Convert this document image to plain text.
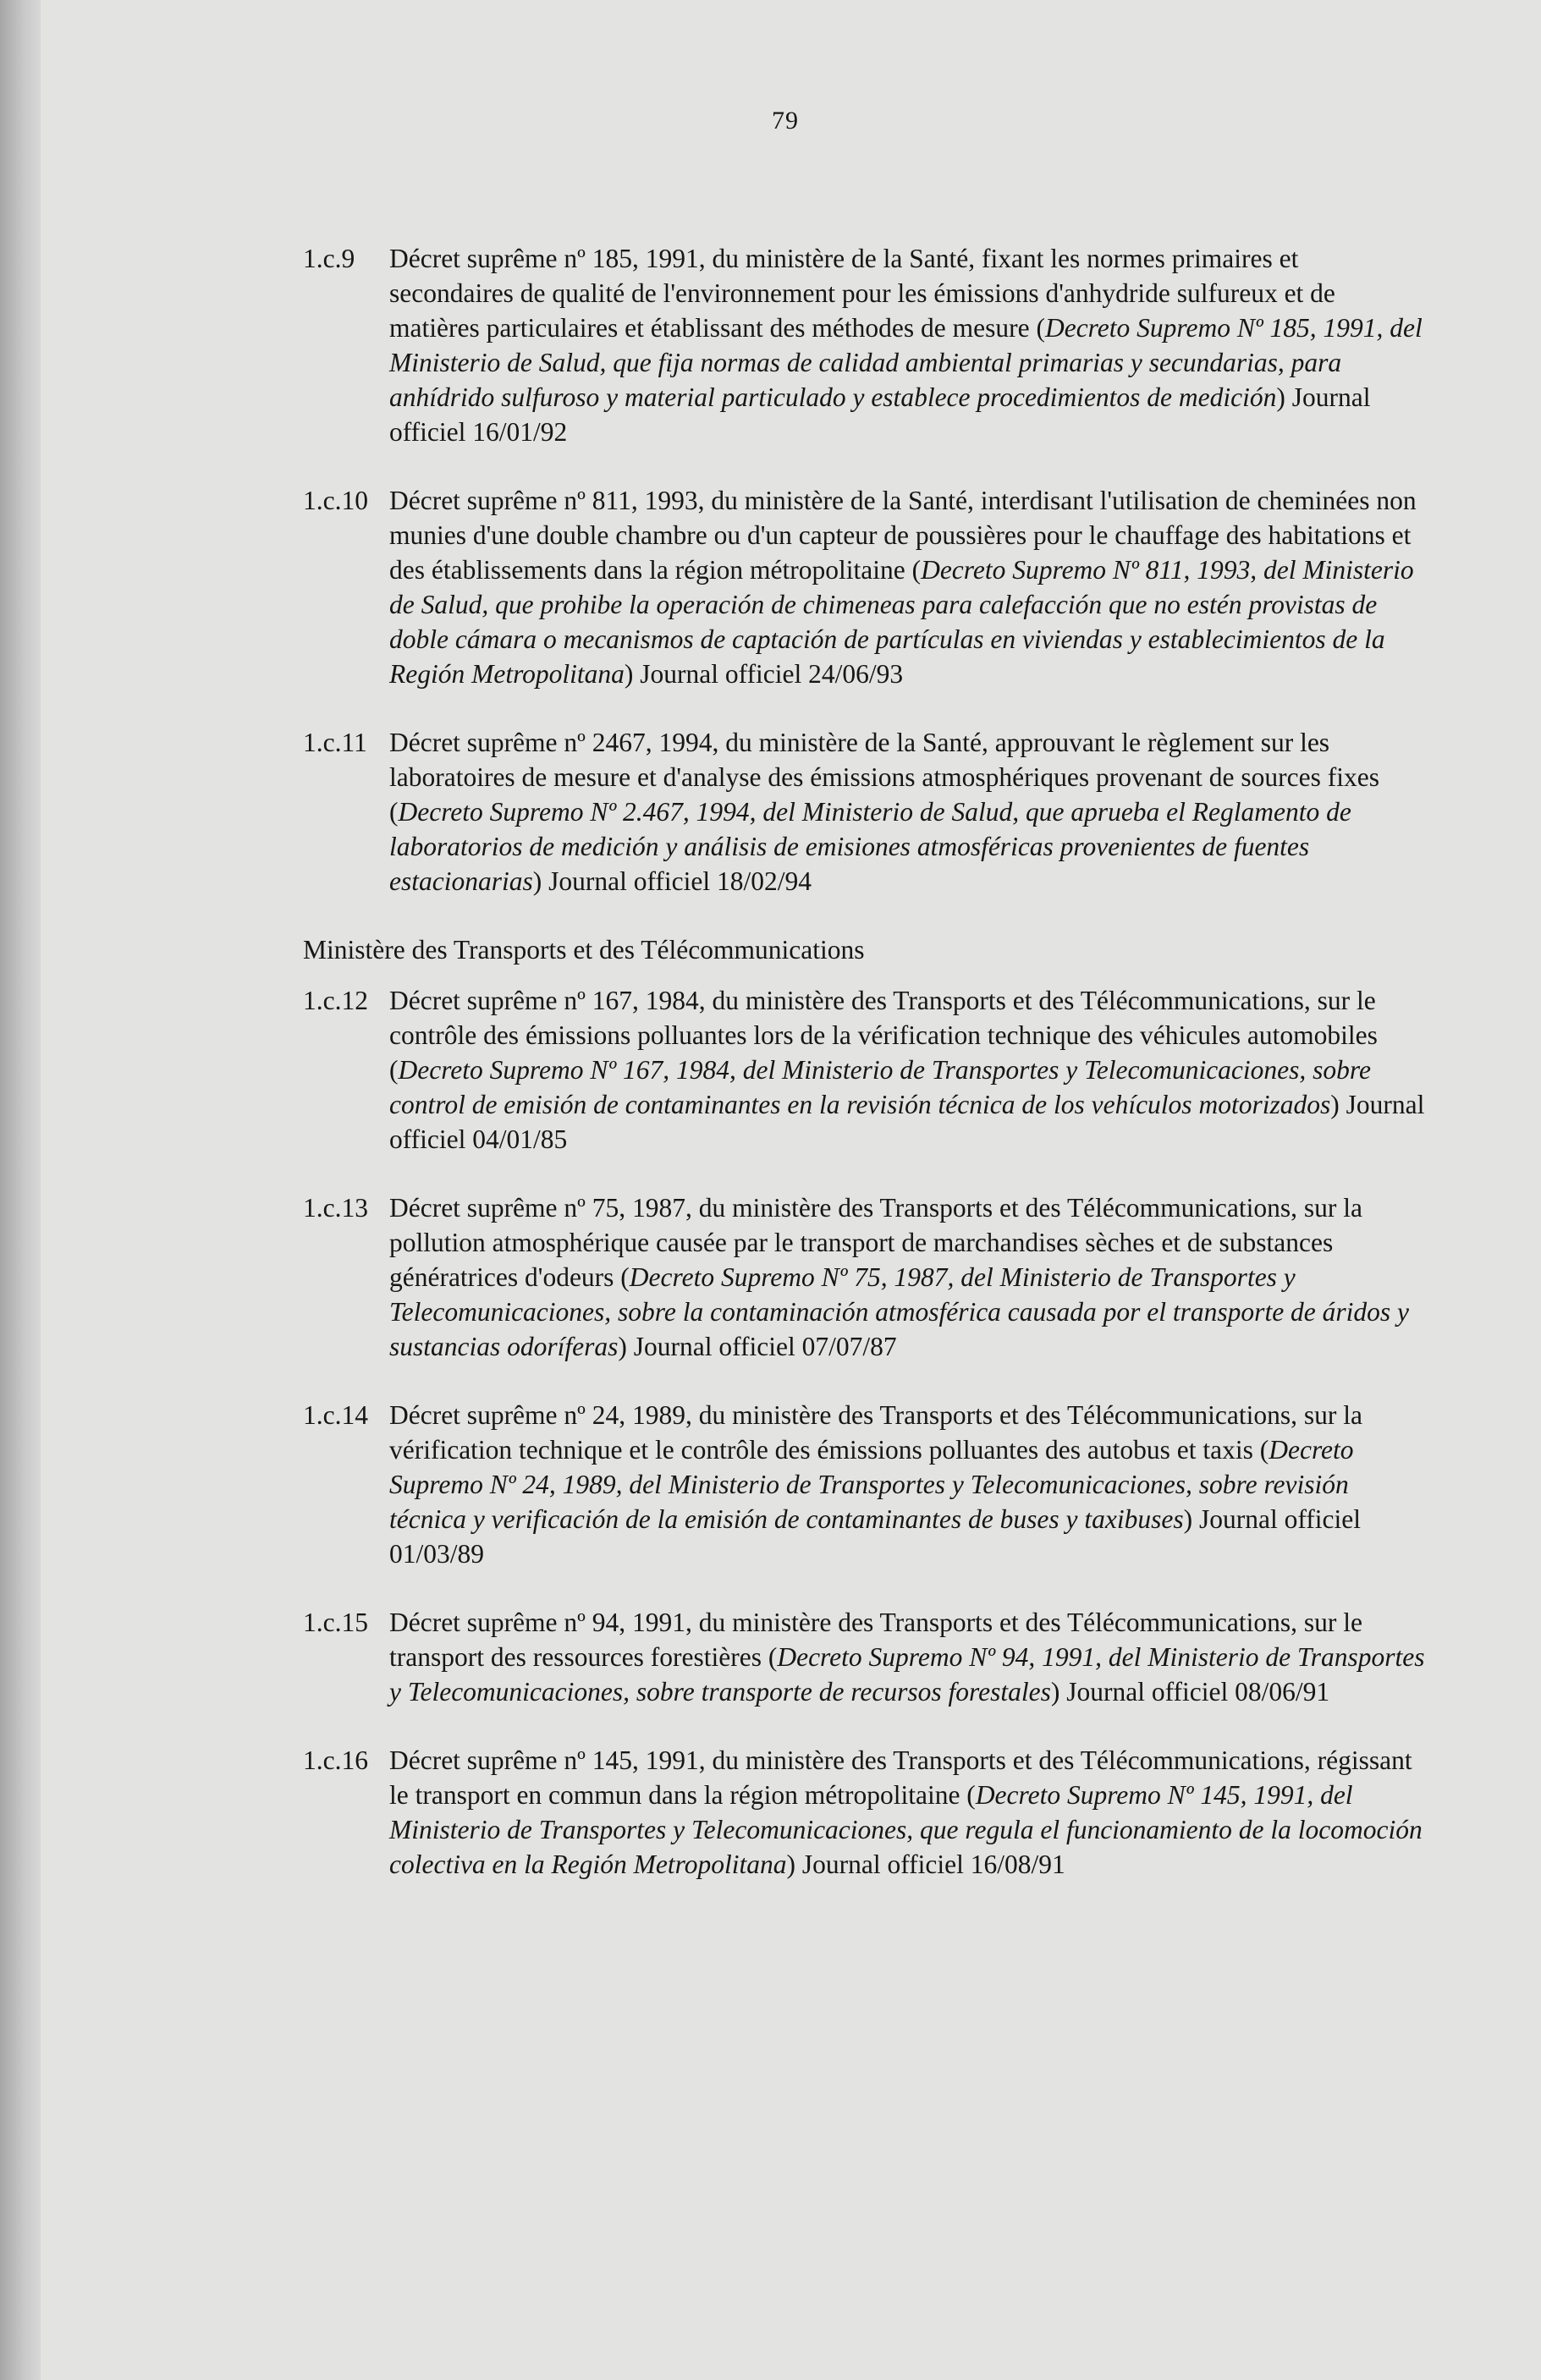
79
1.c.9	Décret suprême nº 185, 1991, du ministère de la Santé, fixant les normes primaires et secondaires de qualité de l'environnement pour les émissions d'anhydride sulfureux et de matières particulaires et établissant des méthodes de mesure (Decreto Supremo Nº 185, 1991, del Ministerio de Salud, que fija normas de calidad ambiental primarias y secundarias, para anhídrido sulfuroso y material particulado y establece procedimientos de medición) Journal officiel 16/01/92
1.c.10 Décret suprême nº 811, 1993, du ministère de la Santé, interdisant l'utilisation de cheminées non munies d'une double chambre ou d'un capteur de poussières pour le chauffage des habitations et des établissements dans la région métropolitaine (Decreto Supremo Nº 811, 1993, del Ministerio de Salud, que prohibe la operación de chimeneas para calefacción que no estén provistas de doble cámara o mecanismos de captación de partículas en viviendas y establecimientos de la Región Metropolitana) Journal officiel 24/06/93
1.c.11 Décret suprême nº 2467, 1994, du ministère de la Santé, approuvant le règlement sur les laboratoires de mesure et d'analyse des émissions atmosphériques provenant de sources fixes (Decreto Supremo Nº 2.467, 1994, del Ministerio de Salud, que aprueba el Reglamento de laboratorios de medición y análisis de emisiones atmosféricas provenientes de fuentes estacionarias) Journal officiel 18/02/94
Ministère des Transports et des Télécommunications
1.c.12 Décret suprême nº 167, 1984, du ministère des Transports et des Télécommunications, sur le contrôle des émissions polluantes lors de la vérification technique des véhicules automobiles (Decreto Supremo Nº 167, 1984, del Ministerio de Transportes y Telecomunicaciones, sobre control de emisión de contaminantes en la revisión técnica de los vehículos motorizados) Journal officiel 04/01/85
1.c.13 Décret suprême nº 75, 1987, du ministère des Transports et des Télécommunications, sur la pollution atmosphérique causée par le transport de marchandises sèches et de substances génératrices d'odeurs (Decreto Supremo Nº 75, 1987, del Ministerio de Transportes y Telecomunicaciones, sobre la contaminación atmosférica causada por el transporte de áridos y sustancias odoríferas) Journal officiel 07/07/87
1.c.14 Décret suprême nº 24, 1989, du ministère des Transports et des Télécommunications, sur la vérification technique et le contrôle des émissions polluantes des autobus et taxis (Decreto Supremo Nº 24, 1989, del Ministerio de Transportes y Telecomunicaciones, sobre revisión técnica y verificación de la emisión de contaminantes de buses y taxibuses) Journal officiel 01/03/89
1.c.15 Décret suprême nº 94, 1991, du ministère des Transports et des Télécommunications, sur le transport des ressources forestières (Decreto Supremo Nº 94, 1991, del Ministerio de Transportes y Telecomunicaciones, sobre transporte de recursos forestales) Journal officiel 08/06/91
1.c.16 Décret suprême nº 145, 1991, du ministère des Transports et des Télécommunications, régissant le transport en commun dans la région métropolitaine (Decreto Supremo Nº 145, 1991, del Ministerio de Transportes y Telecomunicaciones, que regula el funcionamiento de la locomoción colectiva en la Región Metropolitana) Journal officiel 16/08/91
